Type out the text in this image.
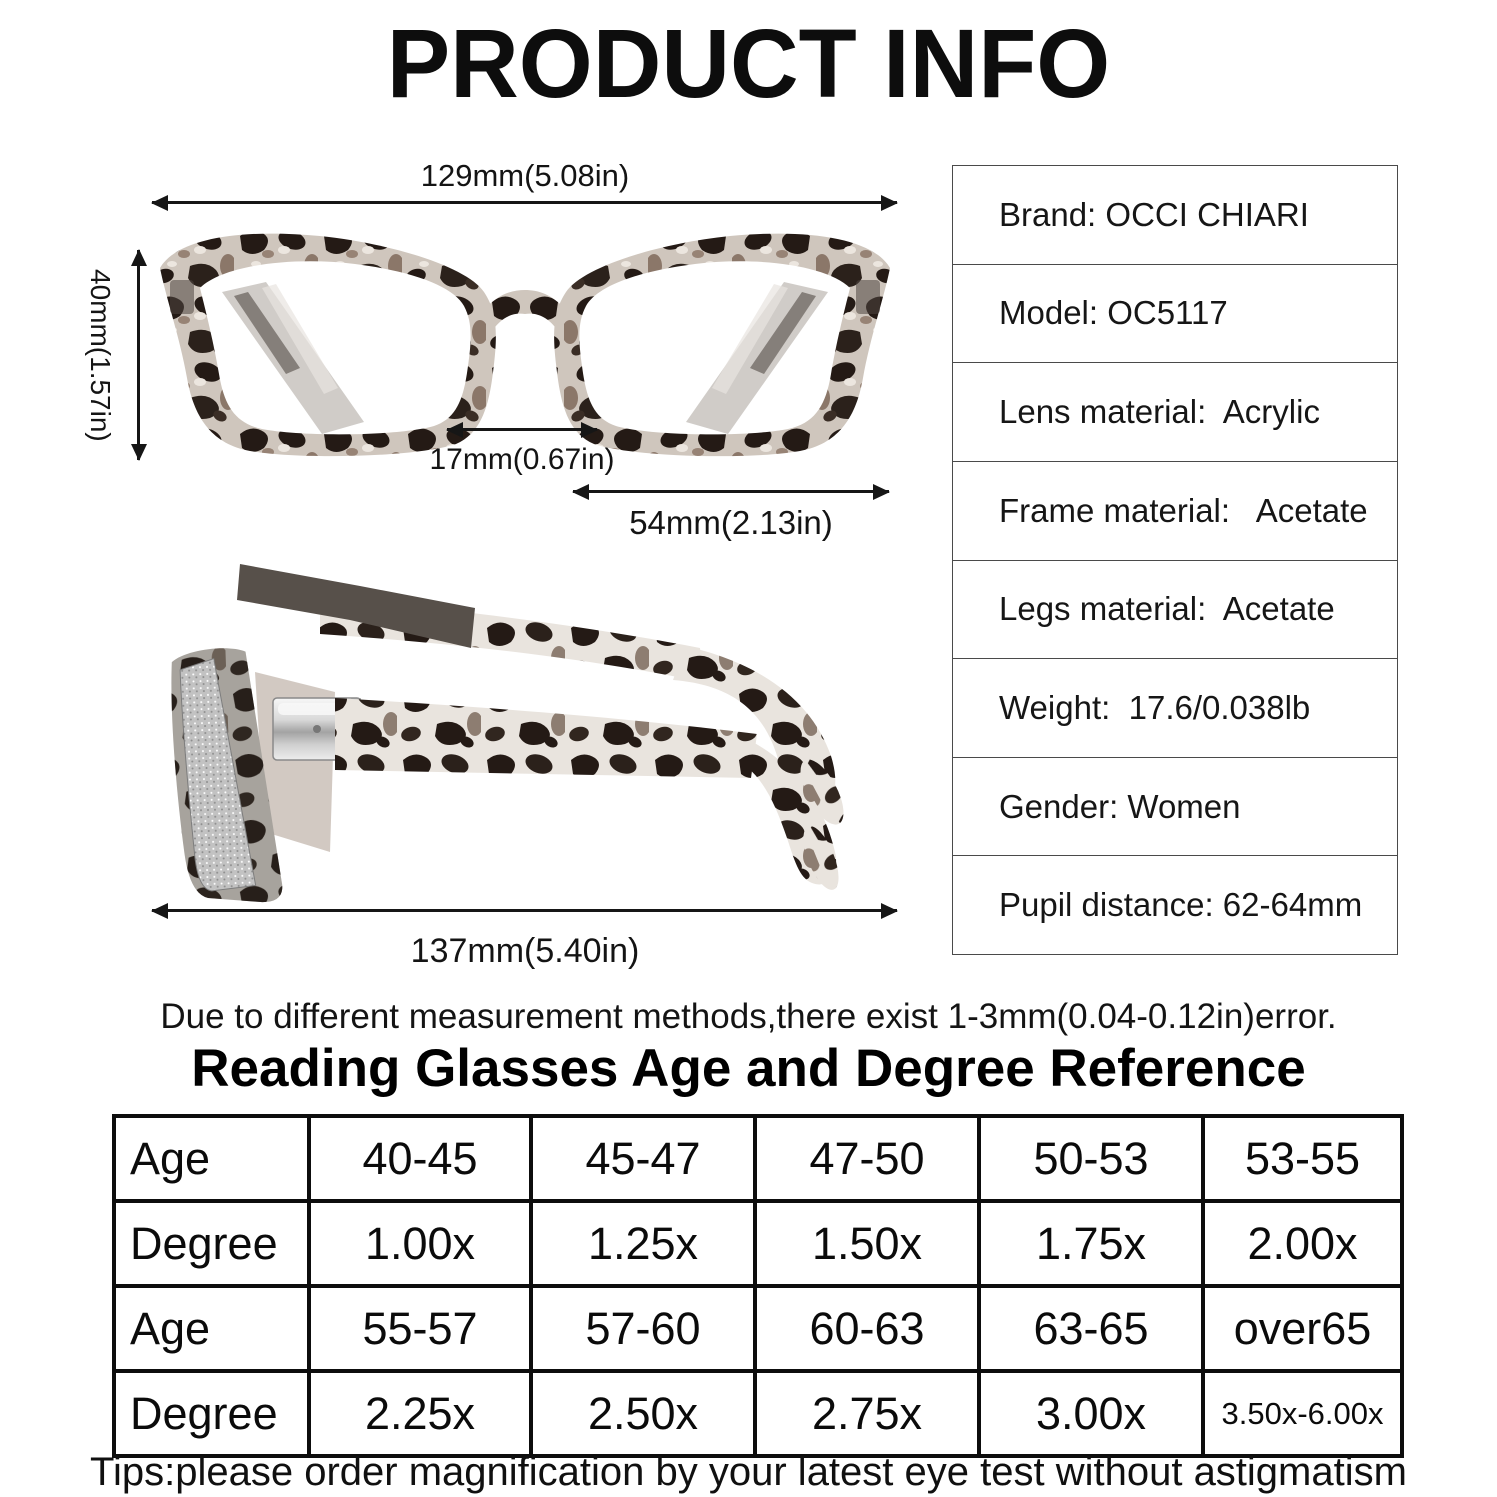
PRODUCT INFO
129mm(5.08in)
40mm(1.57in)
17mm(0.67in)
54mm(2.13in)
137mm(5.40in)
Brand: OCCI CHIARI
Model: OC5117
Lens material:  Acrylic
Frame material:   Acetate
Legs material:  Acetate
Weight:  17.6/0.038lb
Gender: Women
Pupil distance: 62-64mm
Due to different measurement methods,there exist 1-3mm(0.04-0.12in)error.
Reading Glasses Age and Degree Reference
Age	40-45	45-47	47-50	50-53	53-55
Degree	1.00x	1.25x	1.50x	1.75x	2.00x
Age	55-57	57-60	60-63	63-65	over65
Degree	2.25x	2.50x	2.75x	3.00x	3.50x-6.00x
Tips:please order magnification by your latest eye test without astigmatism
